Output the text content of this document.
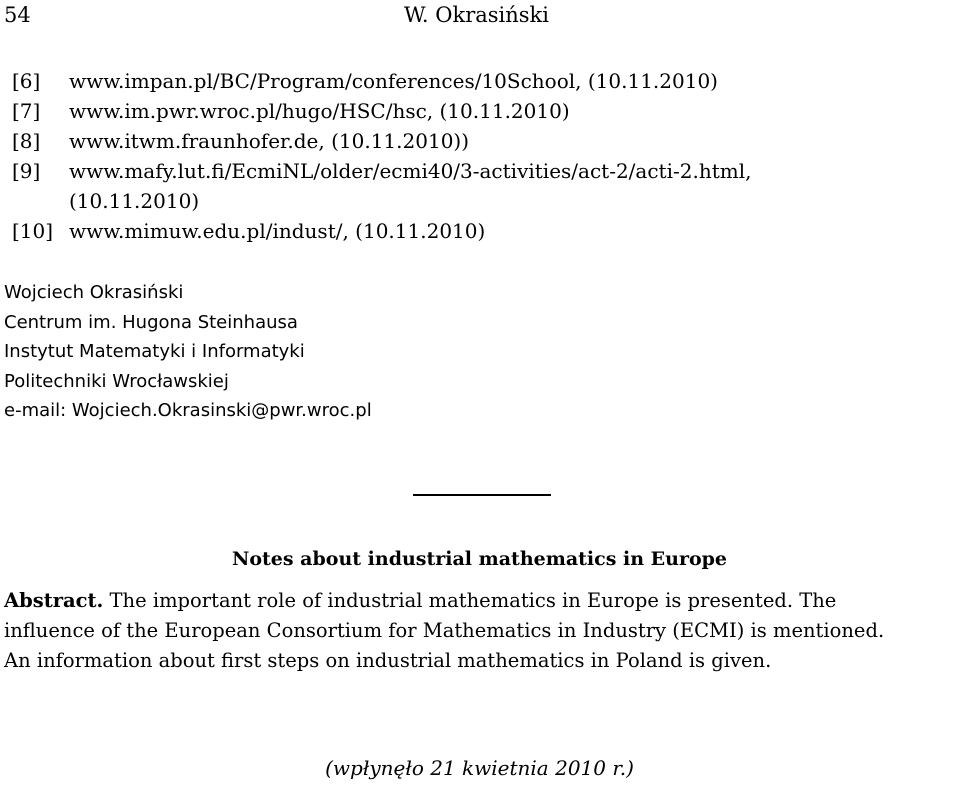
54	W. Okrasiński
[6] www.impan.pl/BC/Program/conferences/10School, (10.11.2010)
[7] www.im.pwr.wroc.pl/hugo/HSC/hsc, (10.11.2010)
[8] www.itwm.fraunhofer.de, (10.11.2010))
[9] www.mafy.lut.fi/EcmiNL/older/ecmi40/3-activities/act-2/acti-2.html,
(10.11.2010)
[10] www.mimuw.edu.pl/indust/, (10.11.2010)
Wojciech Okrasiński
Centrum im. Hugona Steinhausa
Instytut Matematyki i Informatyki
Politechniki Wrocławskiej
e-mail: Wojciech.Okrasinski@pwr.wroc.pl
Notes about industrial mathematics in Europe
Abstract. The important role of industrial mathematics in Europe is presented. The
influence of the European Consortium for Mathematics in Industry (ECMI) is mentioned.
An information about first steps on industrial mathematics in Poland is given.
(wpłynęło 21 kwietnia 2010 r.)
